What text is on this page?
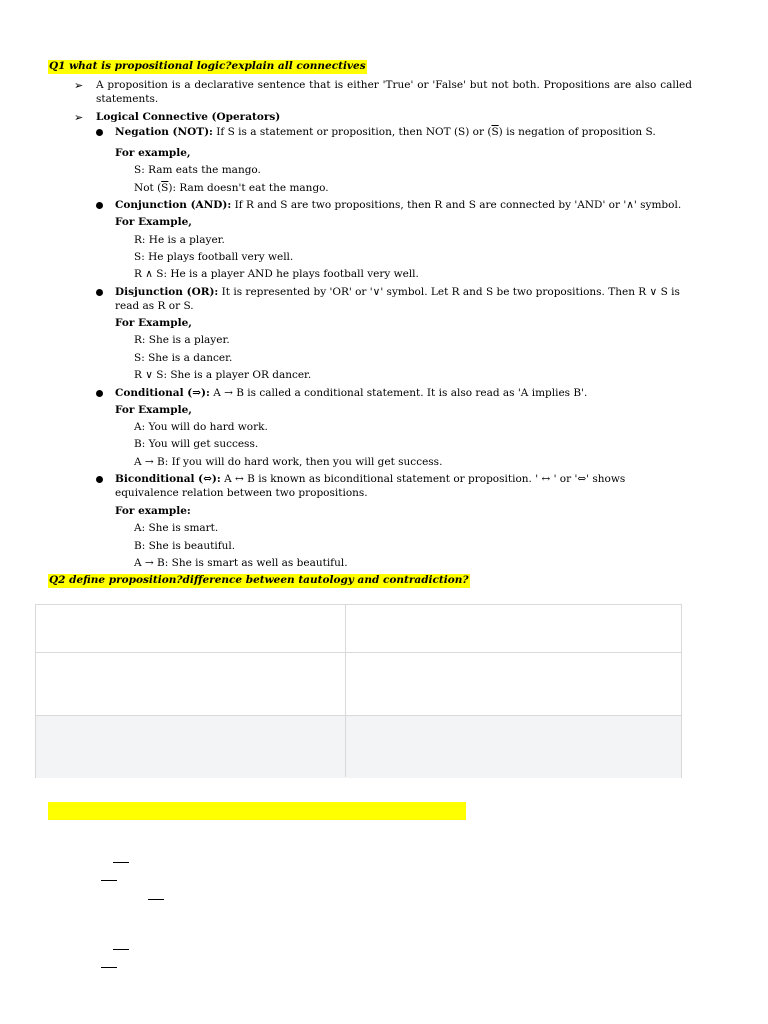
Q1 what is propositional logic?explain all connectives
➢ A proposition is a declarative sentence that is either 'True' or 'False' but not both. Propositions are also called statements.
➢ Logical Connective (Operators)
Negation (NOT): If S is a statement or proposition, then NOT (S) or $(\overline{S})$ is negation of proposition S.
For example,
S: Ram eats the mango.
Not $(\overline{S})$: Ram doesn't eat the mango.
Conjunction (AND): If R and S are two propositions, then R and S are connected by 'AND' or '∧' symbol.
For Example,
R: He is a player.
S: He plays football very well.
R ∧ S: He is a player AND he plays football very well.
Disjunction (OR): It is represented by 'OR' or '∨' symbol. Let R and S be two propositions. Then R ∨ S is read as R or S.
For Example,
R: She is a player.
S: She is a dancer.
R ∨ S: She is a player OR dancer.
Conditional (⇒): A → B is called a conditional statement. It is also read as 'A implies B'.
For Example,
A: You will do hard work.
B: You will get success.
A → B: If you will do hard work, then you will get success.
Biconditional (⇔): A ↔ B is known as biconditional statement or proposition. ' ↔ ' or '⇔' shows equivalence relation between two propositions.
For example:
A: She is smart.
B: She is beautiful.
A → B: She is smart as well as beautiful.
Q2 define proposition?difference between tautology and contradiction?
